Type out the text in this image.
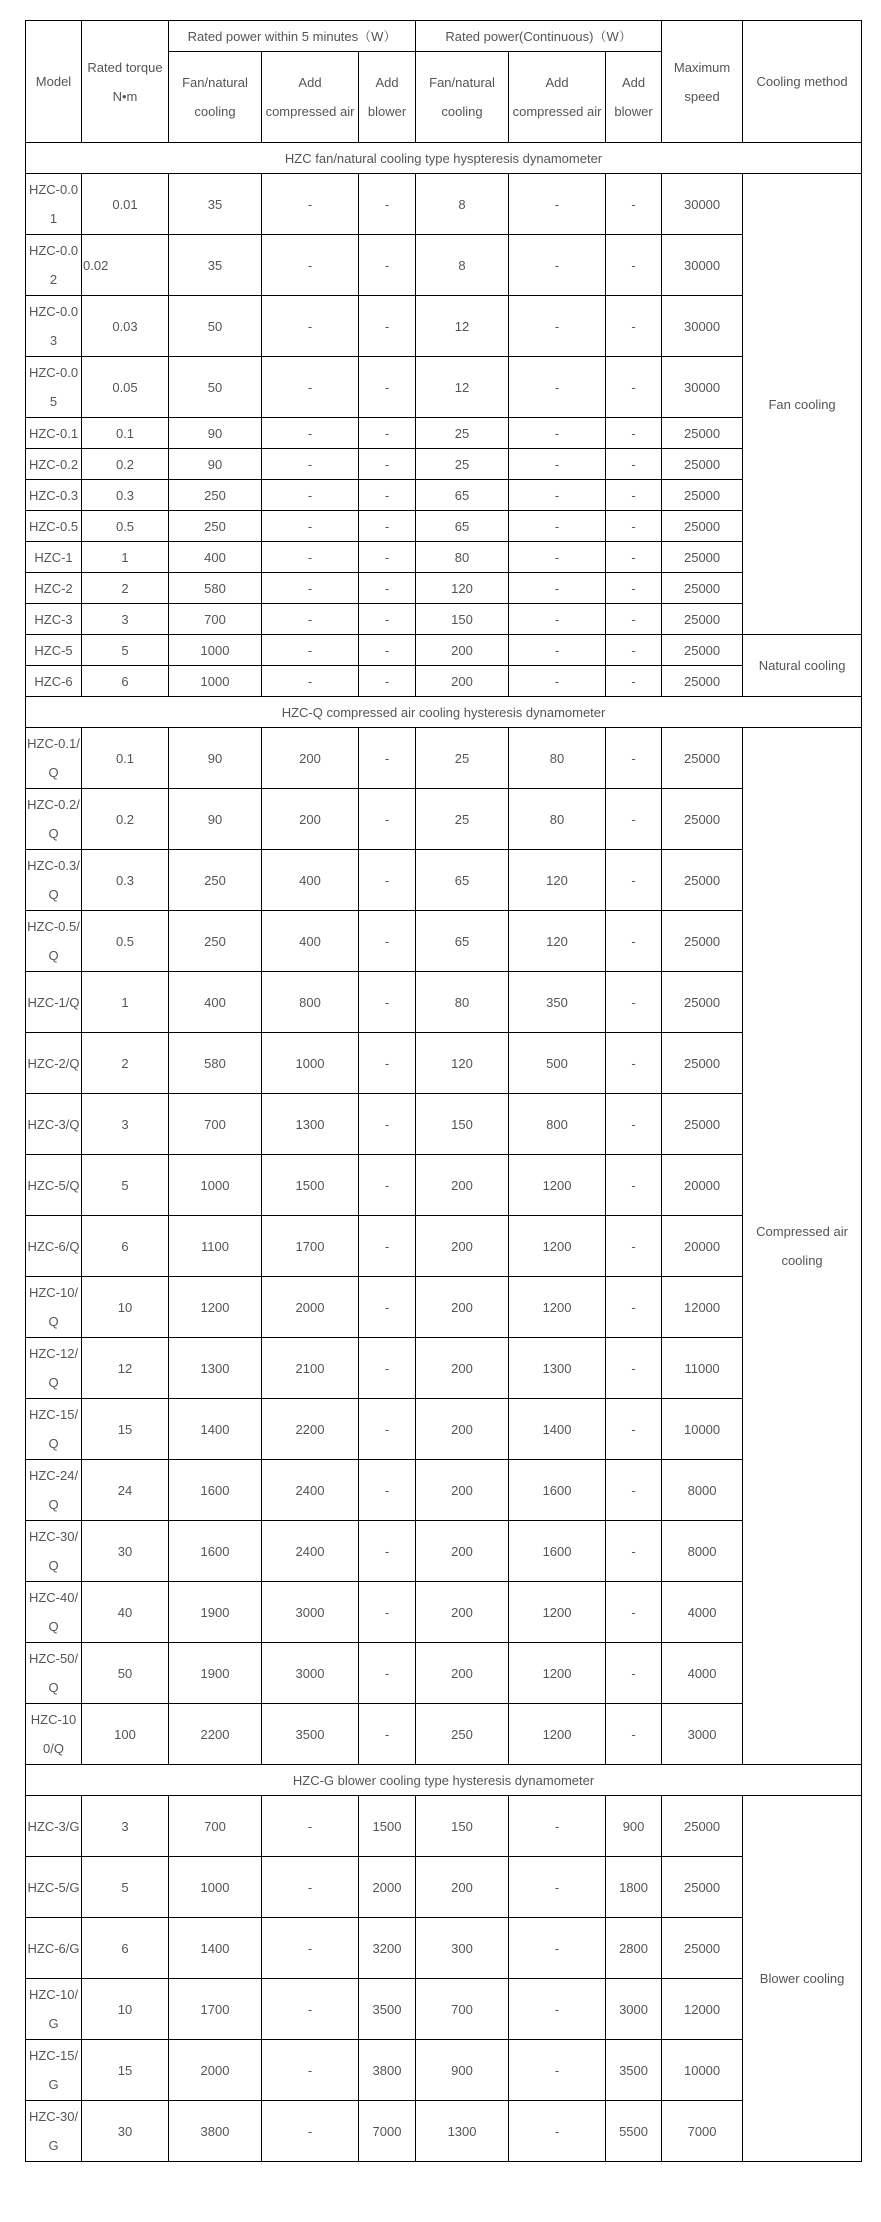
Model	Rated torque N•m	Rated power within 5 minutes（W）			Rated power(Continuous)（W）			Maximum speed	Cooling method
		Fan/natural cooling	Add compressed air	Add blower	Fan/natural cooling	Add compressed air	Add blower		
HZC fan/natural cooling type hyspteresis dynamometer									
HZC-0.01	0.01	35	-	-	8	-	-	30000	Fan cooling
HZC-0.02	0.02	35	-	-	8	-	-	30000	
HZC-0.03	0.03	50	-	-	12	-	-	30000	
HZC-0.05	0.05	50	-	-	12	-	-	30000	
HZC-0.1	0.1	90	-	-	25	-	-	25000	
HZC-0.2	0.2	90	-	-	25	-	-	25000	
HZC-0.3	0.3	250	-	-	65	-	-	25000	
HZC-0.5	0.5	250	-	-	65	-	-	25000	
HZC-1	1	400	-	-	80	-	-	25000	
HZC-2	2	580	-	-	120	-	-	25000	
HZC-3	3	700	-	-	150	-	-	25000	
HZC-5	5	1000	-	-	200	-	-	25000	Natural cooling
HZC-6	6	1000	-	-	200	-	-	25000	
HZC-Q compressed air cooling hysteresis dynamometer									
HZC-0.1/Q	0.1	90	200	-	25	80	-	25000	Compressed air cooling
HZC-0.2/Q	0.2	90	200	-	25	80	-	25000	
HZC-0.3/Q	0.3	250	400	-	65	120	-	25000	
HZC-0.5/Q	0.5	250	400	-	65	120	-	25000	
HZC-1/Q	1	400	800	-	80	350	-	25000	
HZC-2/Q	2	580	1000	-	120	500	-	25000	
HZC-3/Q	3	700	1300	-	150	800	-	25000	
HZC-5/Q	5	1000	1500	-	200	1200	-	20000	
HZC-6/Q	6	1100	1700	-	200	1200	-	20000	
HZC-10/Q	10	1200	2000	-	200	1200	-	12000	
HZC-12/Q	12	1300	2100	-	200	1300	-	11000	
HZC-15/Q	15	1400	2200	-	200	1400	-	10000	
HZC-24/Q	24	1600	2400	-	200	1600	-	8000	
HZC-30/Q	30	1600	2400	-	200	1600	-	8000	
HZC-40/Q	40	1900	3000	-	200	1200	-	4000	
HZC-50/Q	50	1900	3000	-	200	1200	-	4000	
HZC-100/Q	100	2200	3500	-	250	1200	-	3000	
HZC-G blower cooling type hysteresis dynamometer									
HZC-3/G	3	700	-	1500	150	-	900	25000	Blower cooling
HZC-5/G	5	1000	-	2000	200	-	1800	25000	
HZC-6/G	6	1400	-	3200	300	-	2800	25000	
HZC-10/G	10	1700	-	3500	700	-	3000	12000	
HZC-15/G	15	2000	-	3800	900	-	3500	10000	
HZC-30/G	30	3800	-	7000	1300	-	5500	7000	
